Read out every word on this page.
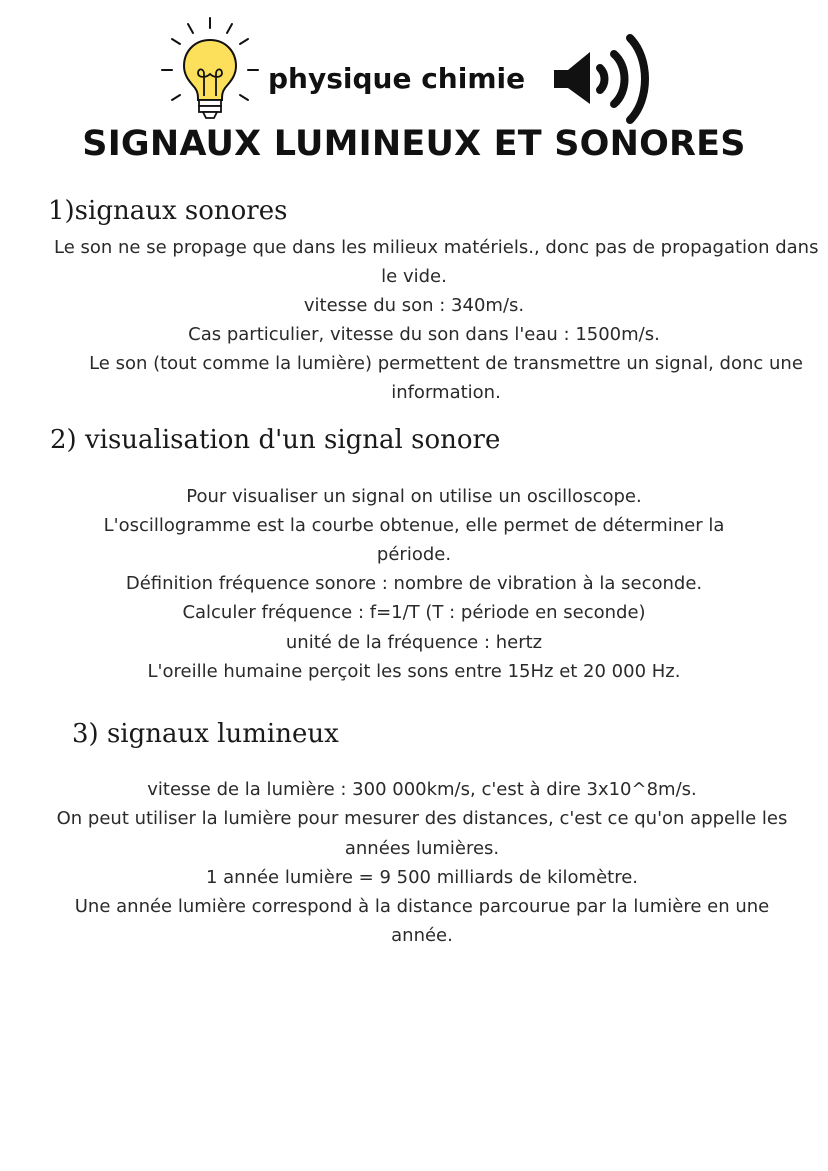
physique chimie
SIGNAUX LUMINEUX ET SONORES
1)signaux sonores

Le son ne se propage que dans les milieux matériels., donc pas de propagation dans

le vide.

vitesse du son : 340m/s.

Cas particulier, vitesse du son dans l'eau : 1500m/s.

Le son (tout comme la lumière) permettent de transmettre un signal, donc une

information.

2) visualisation d'un signal sonore

Pour visualiser un signal on utilise un oscilloscope.

L'oscillogramme est la courbe obtenue, elle permet de déterminer la

période.

Définition fréquence sonore : nombre de vibration à la seconde.

Calculer fréquence : f=1/T (T : période en seconde)

unité de la fréquence : hertz

L'oreille humaine perçoit les sons entre 15Hz et 20 000 Hz.

3) signaux lumineux

vitesse de la lumière : 300 000km/s, c'est à dire 3x10^8m/s.

On peut utiliser la lumière pour mesurer des distances, c'est ce qu'on appelle les

années lumières.

1 année lumière = 9 500 milliards de kilomètre.

Une année lumière correspond à la distance parcourue par la lumière en une

année.
